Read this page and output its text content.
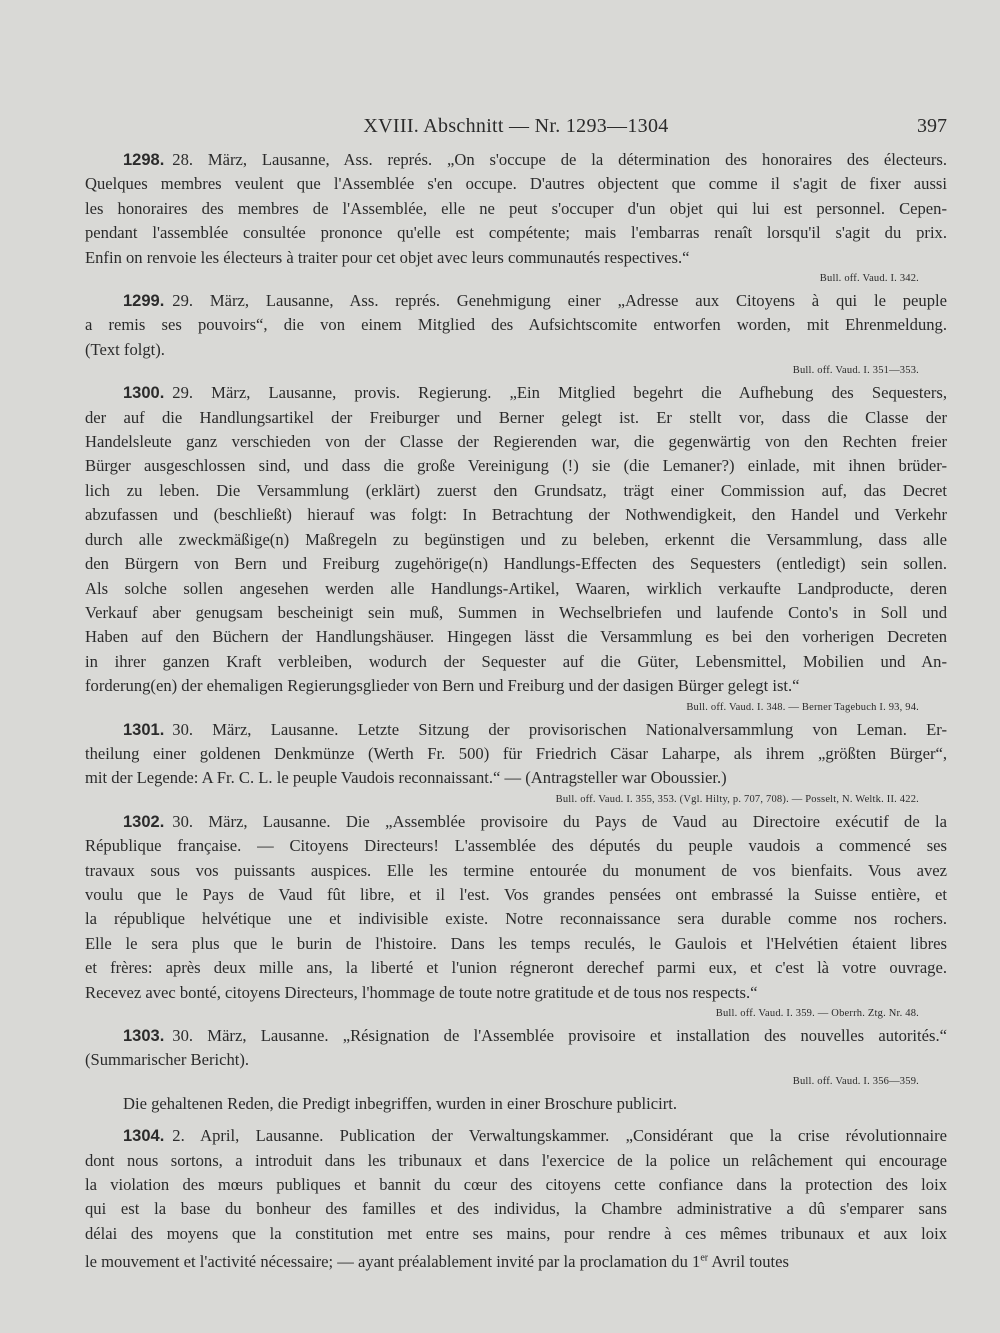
XVIII. Abschnitt — Nr. 1293—1304	397
1298. 28. März, Lausanne, Ass. représ. „On s'occupe de la détermination des honoraires des électeurs.
Quelques membres veulent que l'Assemblée s'en occupe. D'autres objectent que comme il s'agit de fixer aussi
les honoraires des membres de l'Assemblée, elle ne peut s'occuper d'un objet qui lui est personnel. Cepen-
pendant l'assemblée consultée prononce qu'elle est compétente; mais l'embarras renaît lorsqu'il s'agit du prix.
Enfin on renvoie les électeurs à traiter pour cet objet avec leurs communautés respectives.“
Bull. off. Vaud. I. 342.
1299. 29. März, Lausanne, Ass. représ. Genehmigung einer „Adresse aux Citoyens à qui le peuple
a remis ses pouvoirs“, die von einem Mitglied des Aufsichtscomite entworfen worden, mit Ehrenmeldung.
(Text folgt).
Bull. off. Vaud. I. 351—353.
1300. 29. März, Lausanne, provis. Regierung. „Ein Mitglied begehrt die Aufhebung des Sequesters,
der auf die Handlungsartikel der Freiburger und Berner gelegt ist. Er stellt vor, dass die Classe der
Handelsleute ganz verschieden von der Classe der Regierenden war, die gegenwärtig von den Rechten freier
Bürger ausgeschlossen sind, und dass die große Vereinigung (!) sie (die Lemaner?) einlade, mit ihnen brüder-
lich zu leben. Die Versammlung (erklärt) zuerst den Grundsatz, trägt einer Commission auf, das Decret
abzufassen und (beschließt) hierauf was folgt: In Betrachtung der Nothwendigkeit, den Handel und Verkehr
durch alle zweckmäßige(n) Maßregeln zu begünstigen und zu beleben, erkennt die Versammlung, dass alle
den Bürgern von Bern und Freiburg zugehörige(n) Handlungs-Effecten des Sequesters (entledigt) sein sollen.
Als solche sollen angesehen werden alle Handlungs-Artikel, Waaren, wirklich verkaufte Landproducte, deren
Verkauf aber genugsam bescheinigt sein muß, Summen in Wechselbriefen und laufende Conto's in Soll und
Haben auf den Büchern der Handlungshäuser. Hingegen lässt die Versammlung es bei den vorherigen Decreten
in ihrer ganzen Kraft verbleiben, wodurch der Sequester auf die Güter, Lebensmittel, Mobilien und An-
forderung(en) der ehemaligen Regierungsglieder von Bern und Freiburg und der dasigen Bürger gelegt ist.“
Bull. off. Vaud. I. 348. — Berner Tagebuch I. 93, 94.
1301. 30. März, Lausanne. Letzte Sitzung der provisorischen Nationalversammlung von Leman. Er-
theilung einer goldenen Denkmünze (Werth Fr. 500) für Friedrich Cäsar Laharpe, als ihrem „größten Bürger“,
mit der Legende: A Fr. C. L. le peuple Vaudois reconnaissant.“ — (Antragsteller war Oboussier.)
Bull. off. Vaud. I. 355, 353. (Vgl. Hilty, p. 707, 708). — Posselt, N. Weltk. II. 422.
1302. 30. März, Lausanne. Die „Assemblée provisoire du Pays de Vaud au Directoire exécutif de la
République française. — Citoyens Directeurs! L'assemblée des députés du peuple vaudois a commencé ses
travaux sous vos puissants auspices. Elle les termine entourée du monument de vos bienfaits. Vous avez
voulu que le Pays de Vaud fût libre, et il l'est. Vos grandes pensées ont embrassé la Suisse entière, et
la république helvétique une et indivisible existe. Notre reconnaissance sera durable comme nos rochers.
Elle le sera plus que le burin de l'histoire. Dans les temps reculés, le Gaulois et l'Helvétien étaient libres
et frères: après deux mille ans, la liberté et l'union régneront derechef parmi eux, et c'est là votre ouvrage.
Recevez avec bonté, citoyens Directeurs, l'hommage de toute notre gratitude et de tous nos respects.“
Bull. off. Vaud. I. 359. — Oberrh. Ztg. Nr. 48.
1303. 30. März, Lausanne. „Résignation de l'Assemblée provisoire et installation des nouvelles autorités.“
(Summarischer Bericht).
Bull. off. Vaud. I. 356—359.
Die gehaltenen Reden, die Predigt inbegriffen, wurden in einer Broschure publicirt.
1304. 2. April, Lausanne. Publication der Verwaltungskammer. „Considérant que la crise révolutionnaire
dont nous sortons, a introduit dans les tribunaux et dans l'exercice de la police un relâchement qui encourage
la violation des mœurs publiques et bannit du cœur des citoyens cette confiance dans la protection des loix
qui est la base du bonheur des familles et des individus, la Chambre administrative a dû s'emparer sans
délai des moyens que la constitution met entre ses mains, pour rendre à ces mêmes tribunaux et aux loix
le mouvement et l'activité nécessaire; — ayant préalablement invité par la proclamation du 1er Avril toutes
